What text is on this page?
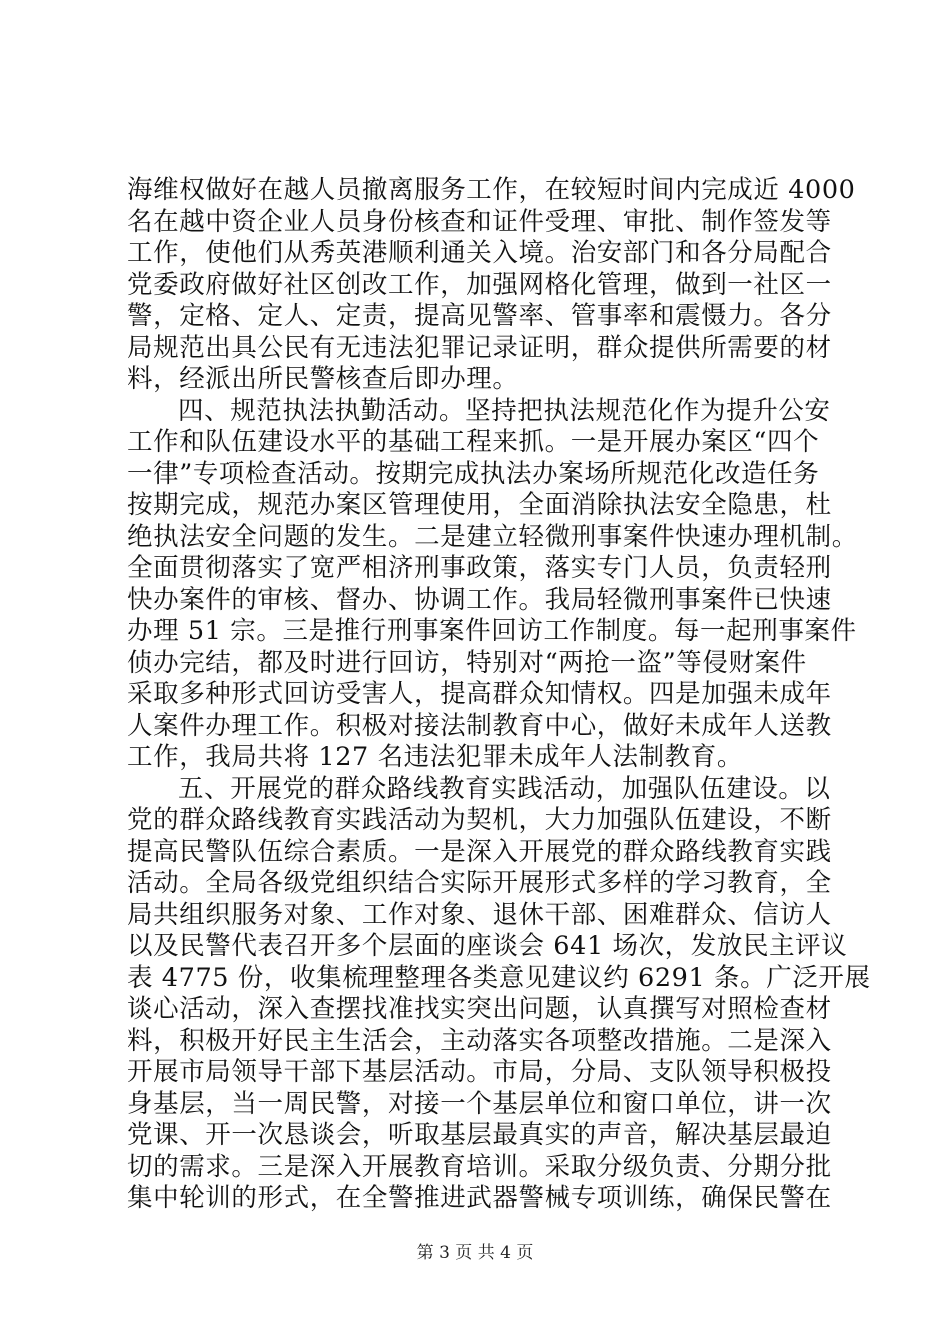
海维权做好在越人员撤离服务工作，在较短时间内完成近 4000
名在越中资企业人员身份核查和证件受理、审批、制作签发等
工作，使他们从秀英港顺利通关入境。治安部门和各分局配合
党委政府做好社区创改工作，加强网格化管理，做到一社区一
警，定格、定人、定责，提高见警率、管事率和震慑力。各分
局规范出具公民有无违法犯罪记录证明，群众提供所需要的材
料，经派出所民警核查后即办理。
四、规范执法执勤活动。坚持把执法规范化作为提升公安
工作和队伍建设水平的基础工程来抓。一是开展办案区“四个
一律”专项检查活动。按期完成执法办案场所规范化改造任务
按期完成，规范办案区管理使用，全面消除执法安全隐患，杜
绝执法安全问题的发生。二是建立轻微刑事案件快速办理机制。
全面贯彻落实了宽严相济刑事政策，落实专门人员，负责轻刑
快办案件的审核、督办、协调工作。我局轻微刑事案件已快速
办理 51 宗。三是推行刑事案件回访工作制度。每一起刑事案件
侦办完结，都及时进行回访，特别对“两抢一盗”等侵财案件
采取多种形式回访受害人，提高群众知情权。四是加强未成年
人案件办理工作。积极对接法制教育中心，做好未成年人送教
工作，我局共将 127 名违法犯罪未成年人法制教育。
五、开展党的群众路线教育实践活动，加强队伍建设。以
党的群众路线教育实践活动为契机，大力加强队伍建设，不断
提高民警队伍综合素质。一是深入开展党的群众路线教育实践
活动。全局各级党组织结合实际开展形式多样的学习教育，全
局共组织服务对象、工作对象、退休干部、困难群众、信访人
以及民警代表召开多个层面的座谈会 641 场次，发放民主评议
表 4775 份，收集梳理整理各类意见建议约 6291 条。广泛开展
谈心活动，深入查摆找准找实突出问题，认真撰写对照检查材
料，积极开好民主生活会，主动落实各项整改措施。二是深入
开展市局领导干部下基层活动。市局，分局、支队领导积极投
身基层，当一周民警，对接一个基层单位和窗口单位，讲一次
党课、开一次恳谈会，听取基层最真实的声音，解决基层最迫
切的需求。三是深入开展教育培训。采取分级负责、分期分批
集中轮训的形式，在全警推进武器警械专项训练，确保民警在
第 3 页 共 4 页
